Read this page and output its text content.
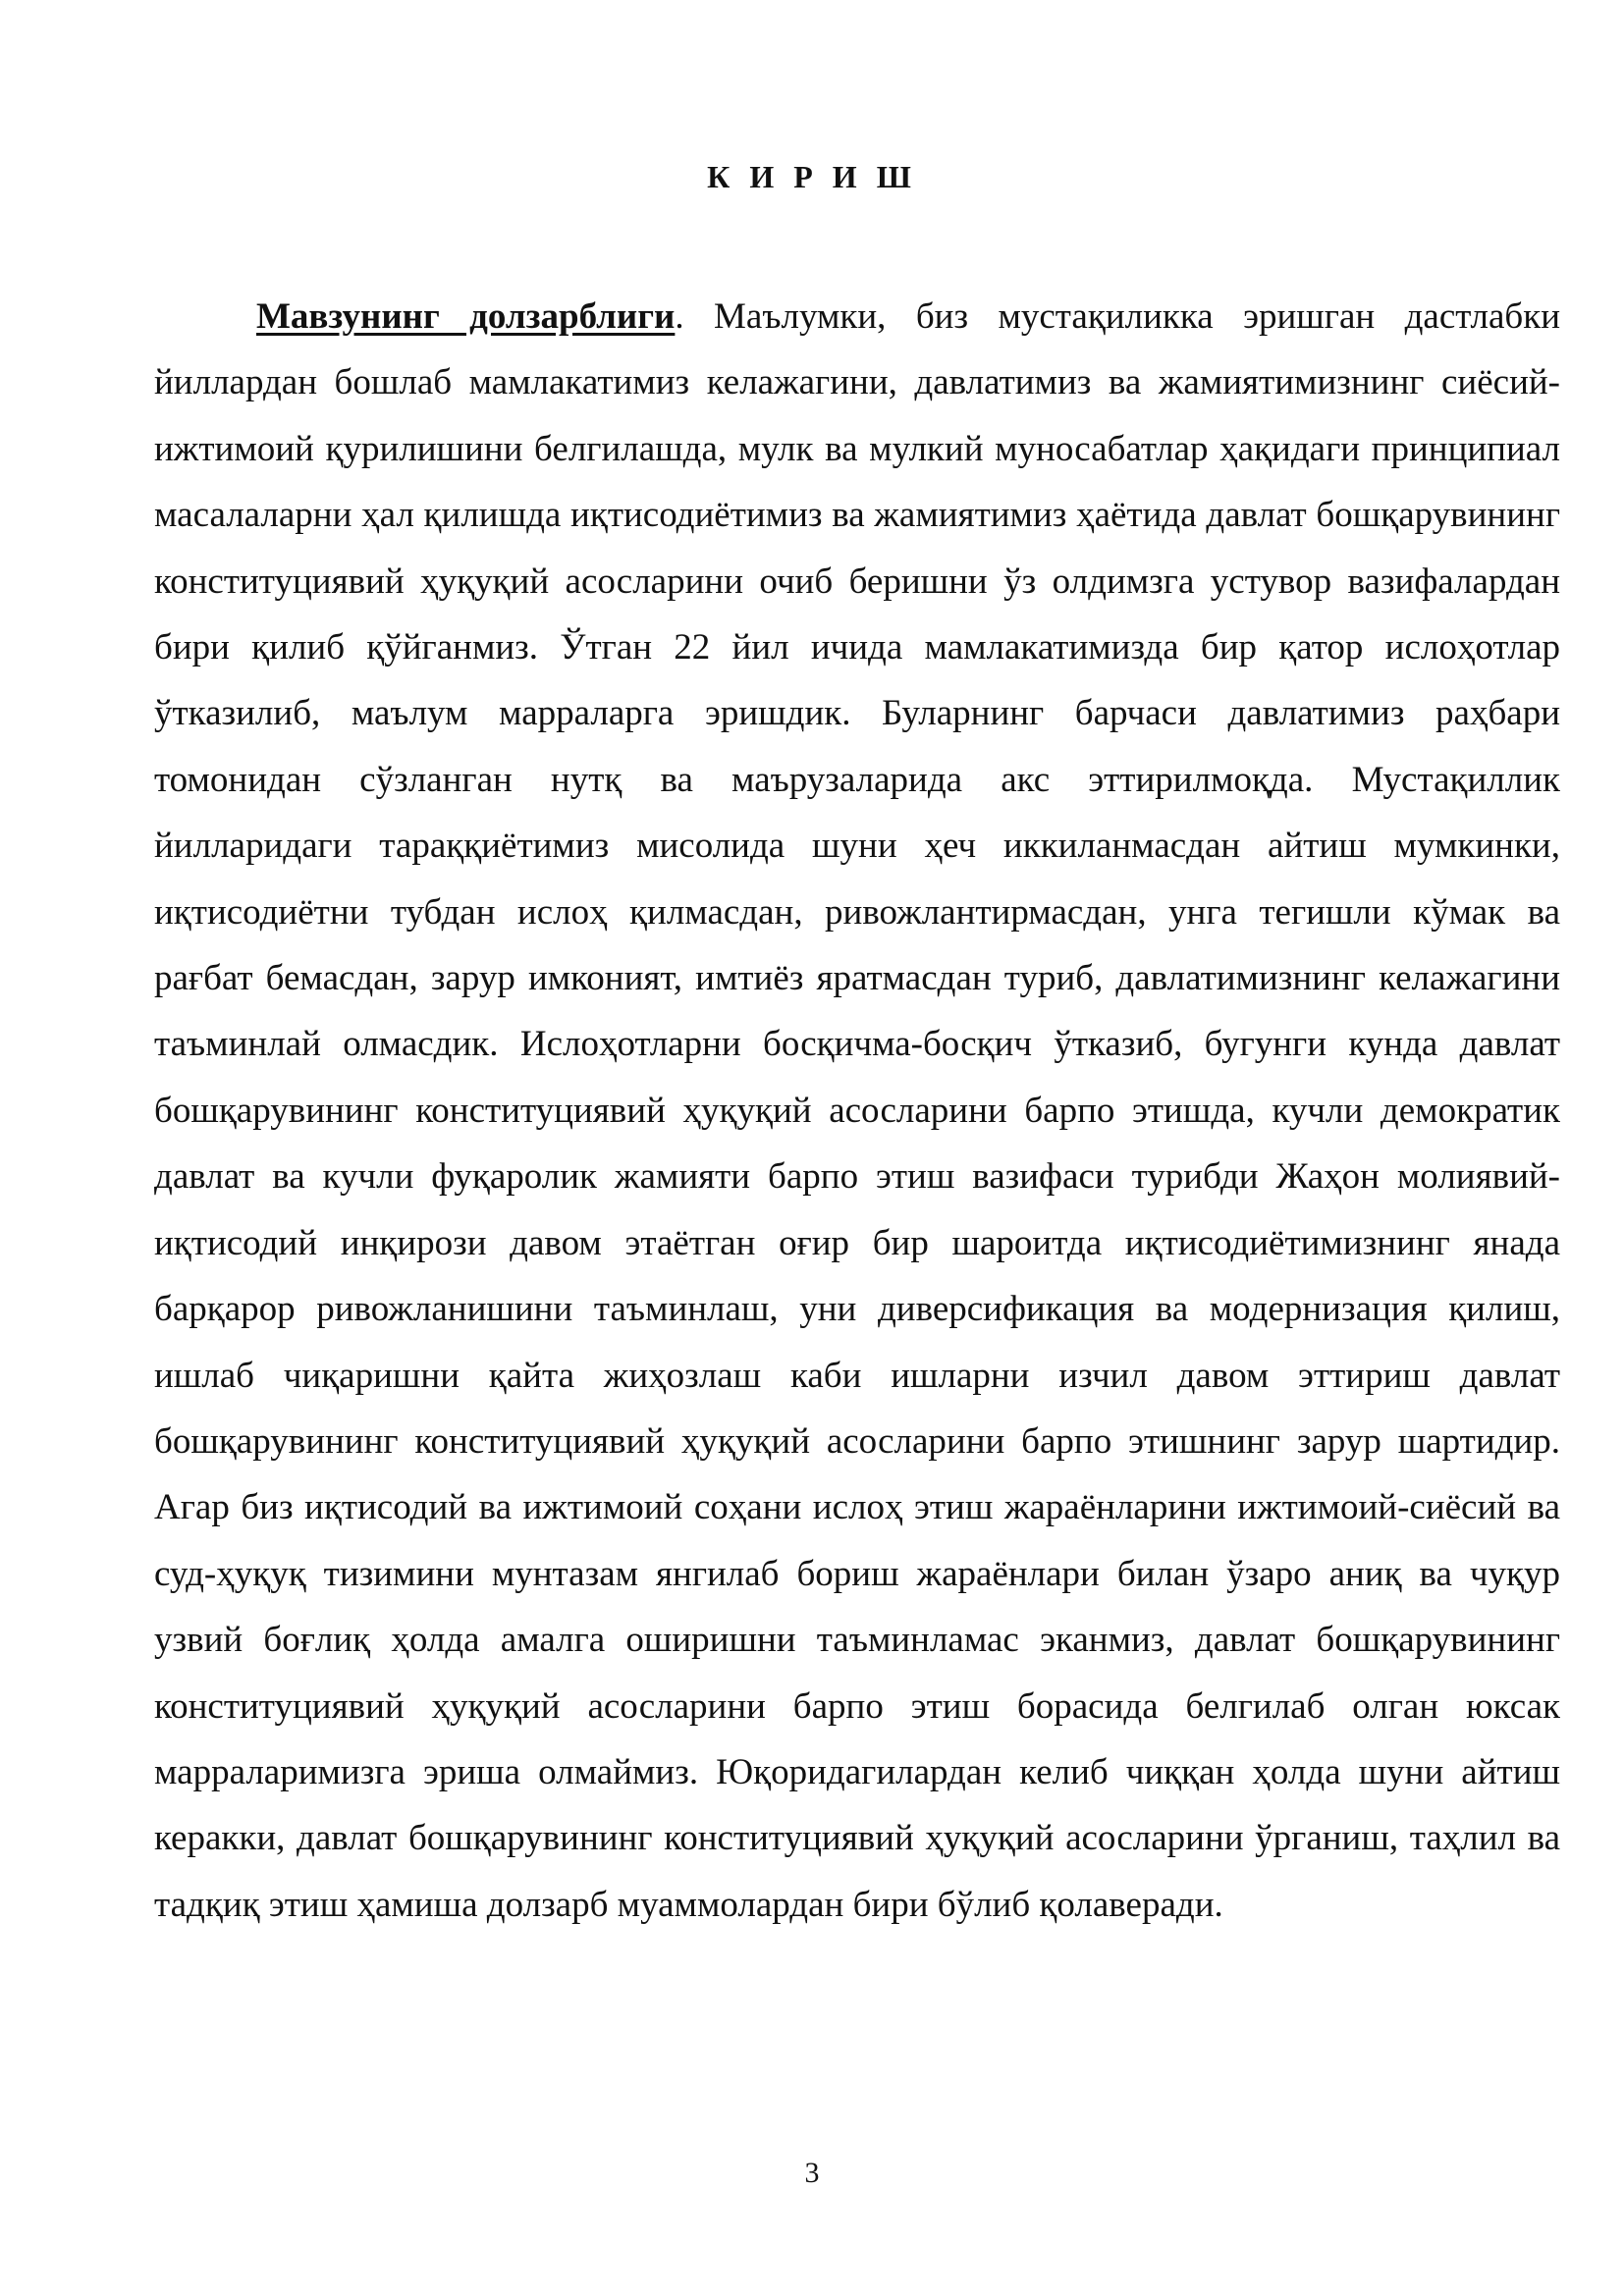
К И Р И Ш

Мавзунинг долзарблиги. Маълумки, биз мустақиликка эришган дастлабки йиллардан бошлаб мамлакатимиз келажагини, давлатимиз ва жамиятимизнинг сиёсий-ижтимоий қурилишини белгилашда, мулк ва мулкий муносабатлар ҳақидаги принципиал масалаларни ҳал қилишда иқтисодиётимиз ва жамиятимиз ҳаётида давлат бошқарувининг конституциявий ҳуқуқий асосларини очиб беришни ўз олдимзга устувор вазифалардан бири қилиб қўйганмиз. Ўтган 22 йил ичида мамлакатимизда бир қатор ислоҳотлар ўтказилиб, маълум марраларга эришдик. Буларнинг барчаси давлатимиз раҳбари томонидан сўзланган нутқ ва маърузаларида акс эттирилмоқда. Мустақиллик йилларидаги тараққиётимиз мисолида шуни ҳеч иккиланмасдан айтиш мумкинки, иқтисодиётни тубдан ислоҳ қилмасдан, ривожлантирмасдан, унга тегишли кўмак ва рағбат бемасдан, зарур имконият, имтиёз яратмасдан туриб, давлатимизнинг келажагини таъминлай олмасдик. Ислоҳотларни босқичма-босқич ўтказиб, бугунги кунда давлат бошқарувининг конституциявий ҳуқуқий асосларини барпо этишда, кучли демократик давлат ва кучли фуқаролик жамияти барпо этиш вазифаси турибди Жаҳон молиявий-иқтисодий инқирози давом этаётган оғир бир шароитда иқтисодиётимизнинг янада барқарор ривожланишини таъминлаш, уни диверсификация ва модернизация қилиш, ишлаб чиқаришни қайта жиҳозлаш каби ишларни изчил давом эттириш давлат бошқарувининг конституциявий ҳуқуқий асосларини барпо этишнинг зарур шартидир. Агар биз иқтисодий ва ижтимоий соҳани ислоҳ этиш жараёнларини ижтимоий-сиёсий ва суд-ҳуқуқ тизимини мунтазам янгилаб бориш жараёнлари билан ўзаро аниқ ва чуқур узвий боғлиқ ҳолда амалга оширишни таъминламас эканмиз, давлат бошқарувининг конституциявий ҳуқуқий асосларини барпо этиш борасида белгилаб олган юксак марраларимизга эриша олмаймиз. Юқоридагилардан келиб чиққан ҳолда шуни айтиш керакки, давлат бошқарувининг конституциявий ҳуқуқий асосларини ўрганиш, таҳлил ва тадқиқ этиш ҳамиша долзарб муаммолардан бири бўлиб қолаверади.

3
